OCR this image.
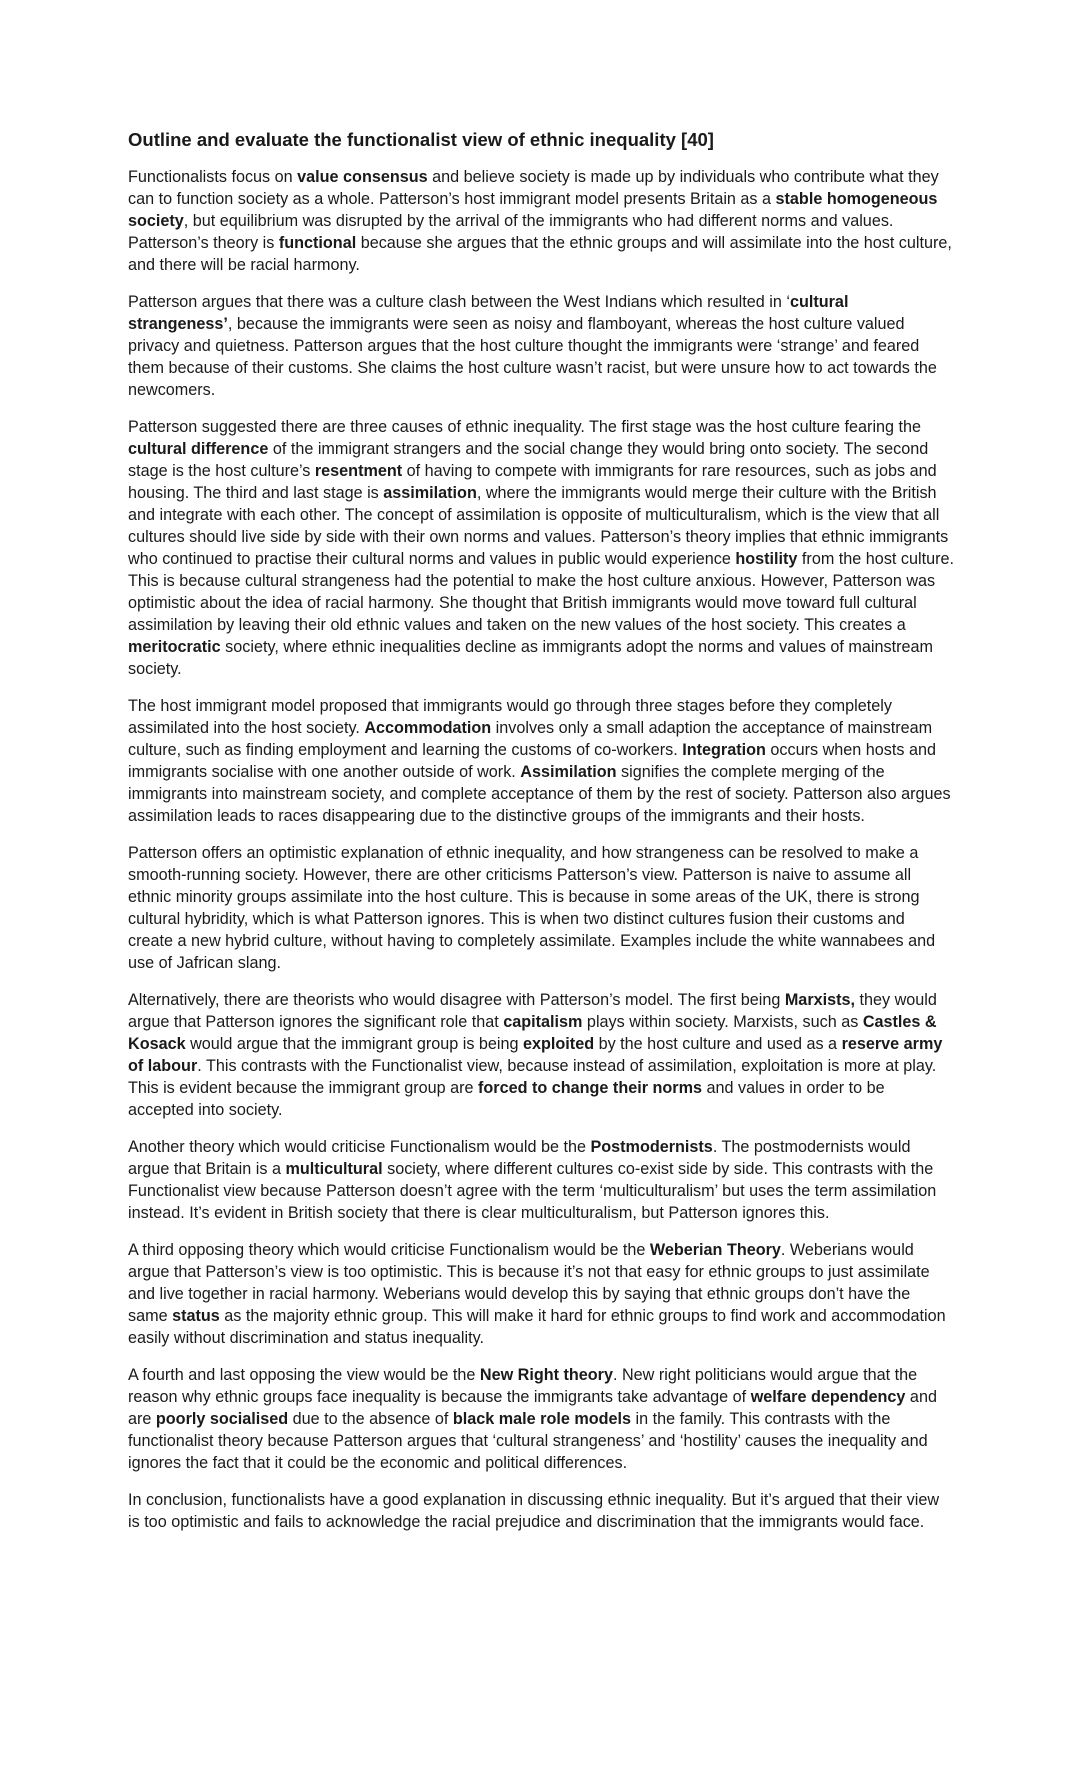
Outline and evaluate the functionalist view of ethnic inequality [40]

Functionalists focus on value consensus and believe society is made up by individuals who contribute what they can to function society as a whole. Patterson’s host immigrant model presents Britain as a stable homogeneous society, but equilibrium was disrupted by the arrival of the immigrants who had different norms and values. Patterson’s theory is functional because she argues that the ethnic groups and will assimilate into the host culture, and there will be racial harmony.

Patterson argues that there was a culture clash between the West Indians which resulted in ‘cultural strangeness’, because the immigrants were seen as noisy and flamboyant, whereas the host culture valued privacy and quietness. Patterson argues that the host culture thought the immigrants were ‘strange’ and feared them because of their customs. She claims the host culture wasn’t racist, but were unsure how to act towards the newcomers.

Patterson suggested there are three causes of ethnic inequality. The first stage was the host culture fearing the cultural difference of the immigrant strangers and the social change they would bring onto society. The second stage is the host culture’s resentment of having to compete with immigrants for rare resources, such as jobs and housing. The third and last stage is assimilation, where the immigrants would merge their culture with the British and integrate with each other. The concept of assimilation is opposite of multiculturalism, which is the view that all cultures should live side by side with their own norms and values. Patterson’s theory implies that ethnic immigrants who continued to practise their cultural norms and values in public would experience hostility from the host culture. This is because cultural strangeness had the potential to make the host culture anxious. However, Patterson was optimistic about the idea of racial harmony. She thought that British immigrants would move toward full cultural assimilation by leaving their old ethnic values and taken on the new values of the host society. This creates a meritocratic society, where ethnic inequalities decline as immigrants adopt the norms and values of mainstream society.

The host immigrant model proposed that immigrants would go through three stages before they completely assimilated into the host society. Accommodation involves only a small adaption the acceptance of mainstream culture, such as finding employment and learning the customs of co-workers. Integration occurs when hosts and immigrants socialise with one another outside of work. Assimilation signifies the complete merging of the immigrants into mainstream society, and complete acceptance of them by the rest of society. Patterson also argues assimilation leads to races disappearing due to the distinctive groups of the immigrants and their hosts.

Patterson offers an optimistic explanation of ethnic inequality, and how strangeness can be resolved to make a smooth-running society. However, there are other criticisms Patterson’s view. Patterson is naive to assume all ethnic minority groups assimilate into the host culture. This is because in some areas of the UK, there is strong cultural hybridity, which is what Patterson ignores. This is when two distinct cultures fusion their customs and create a new hybrid culture, without having to completely assimilate. Examples include the white wannabees and use of Jafrican slang.

Alternatively, there are theorists who would disagree with Patterson’s model. The first being Marxists, they would argue that Patterson ignores the significant role that capitalism plays within society. Marxists, such as Castles & Kosack would argue that the immigrant group is being exploited by the host culture and used as a reserve army of labour. This contrasts with the Functionalist view, because instead of assimilation, exploitation is more at play. This is evident because the immigrant group are forced to change their norms and values in order to be accepted into society.

Another theory which would criticise Functionalism would be the Postmodernists. The postmodernists would argue that Britain is a multicultural society, where different cultures co-exist side by side. This contrasts with the Functionalist view because Patterson doesn’t agree with the term ‘multiculturalism’ but uses the term assimilation instead. It’s evident in British society that there is clear multiculturalism, but Patterson ignores this.

A third opposing theory which would criticise Functionalism would be the Weberian Theory. Weberians would argue that Patterson’s view is too optimistic. This is because it’s not that easy for ethnic groups to just assimilate and live together in racial harmony. Weberians would develop this by saying that ethnic groups don’t have the same status as the majority ethnic group. This will make it hard for ethnic groups to find work and accommodation easily without discrimination and status inequality.

A fourth and last opposing the view would be the New Right theory. New right politicians would argue that the reason why ethnic groups face inequality is because the immigrants take advantage of welfare dependency and are poorly socialised due to the absence of black male role models in the family. This contrasts with the functionalist theory because Patterson argues that ‘cultural strangeness’ and ‘hostility’ causes the inequality and ignores the fact that it could be the economic and political differences.

In conclusion, functionalists have a good explanation in discussing ethnic inequality. But it’s argued that their view is too optimistic and fails to acknowledge the racial prejudice and discrimination that the immigrants would face.
